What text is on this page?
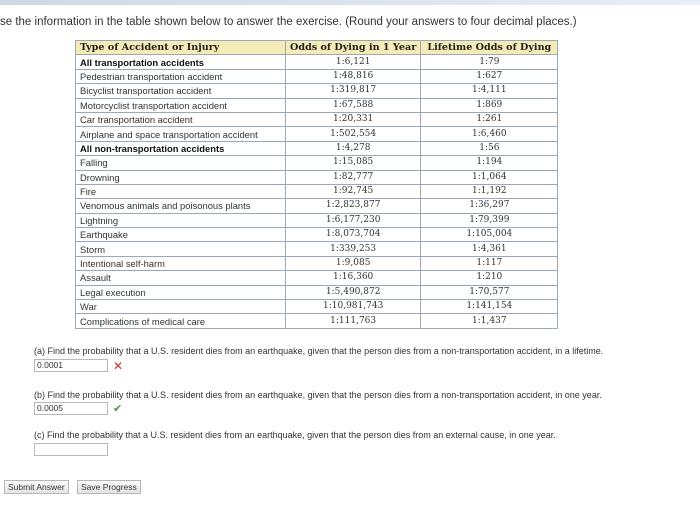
se the information in the table shown below to answer the exercise. (Round your answers to four decimal places.)
Type of Accident or Injury	Odds of Dying in 1 Year	Lifetime Odds of Dying
All transportation accidents	1:6,121	1:79
Pedestrian transportation accident	1:48,816	1:627
Bicyclist transportation accident	1:319,817	1:4,111
Motorcyclist transportation accident	1:67,588	1:869
Car transportation accident	1:20,331	1:261
Airplane and space transportation accident	1:502,554	1:6,460
All non-transportation accidents	1:4,278	1:56
Falling	1:15,085	1:194
Drowning	1:82,777	1:1,064
Fire	1:92,745	1:1,192
Venomous animals and poisonous plants	1:2,823,877	1:36,297
Lightning	1:6,177,230	1:79,399
Earthquake	1:8,073,704	1:105,004
Storm	1:339,253	1:4,361
Intentional self-harm	1:9,085	1:117
Assault	1:16,360	1:210
Legal execution	1:5,490,872	1:70,577
War	1:10,981,743	1:141,154
Complications of medical care	1:111,763	1:1,437
(a) Find the probability that a U.S. resident dies from an earthquake, given that the person dies from a non-transportation accident, in a lifetime.
0.0001	✕
(b) Find the probability that a U.S. resident dies from an earthquake, given that the person dies from a non-transportation accident, in one year.
0.0005	✔
(c) Find the probability that a U.S. resident dies from an earthquake, given that the person dies from an external cause, in one year.
Submit Answer	Save Progress
